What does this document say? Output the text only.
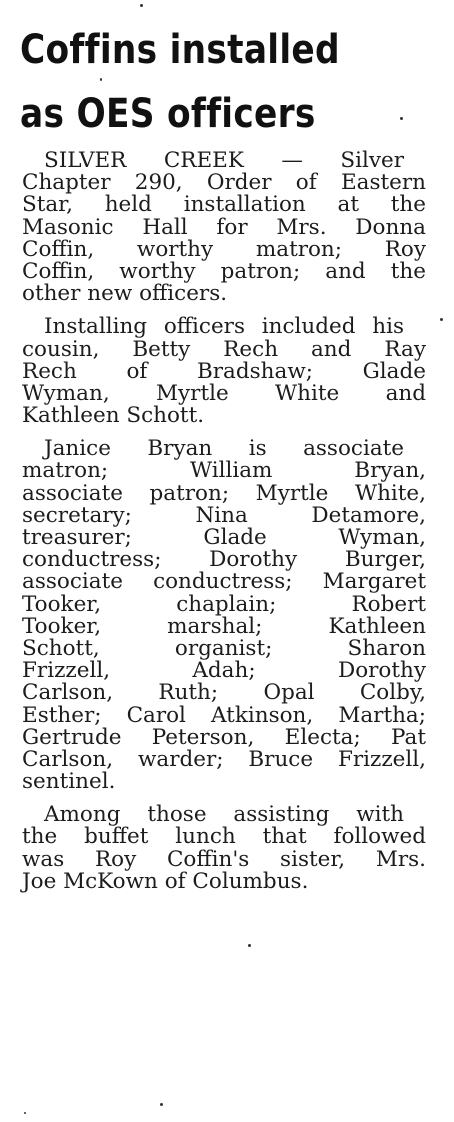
Coffins installed
as OES officers
SILVER CREEK — Silver
Chapter 290, Order of Eastern
Star, held installation at the
Masonic Hall for Mrs. Donna
Coffin, worthy matron; Roy
Coffin, worthy patron; and the
other new officers.
Installing officers included his
cousin, Betty Rech and Ray
Rech of Bradshaw; Glade
Wyman, Myrtle White and
Kathleen Schott.
Janice Bryan is associate
matron; William Bryan,
associate patron; Myrtle White,
secretary; Nina Detamore,
treasurer; Glade Wyman,
conductress; Dorothy Burger,
associate conductress; Margaret
Tooker, chaplain; Robert
Tooker, marshal; Kathleen
Schott, organist; Sharon
Frizzell, Adah; Dorothy
Carlson, Ruth; Opal Colby,
Esther; Carol Atkinson, Martha;
Gertrude Peterson, Electa; Pat
Carlson, warder; Bruce Frizzell,
sentinel.
Among those assisting with
the buffet lunch that followed
was Roy Coffin's sister, Mrs.
Joe McKown of Columbus.
